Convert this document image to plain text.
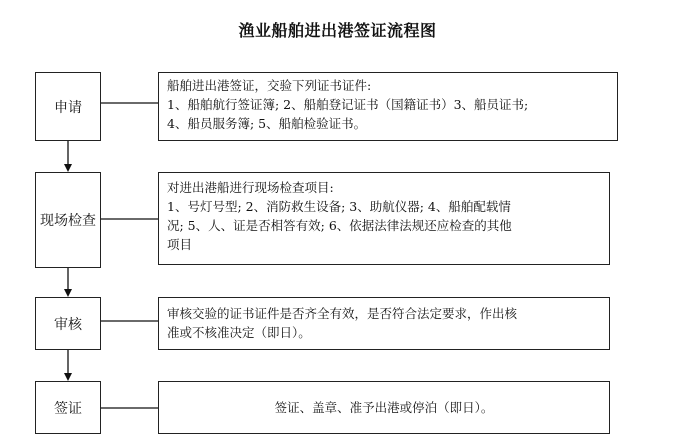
渔业船舶进出港签证流程图
申请

船舶进出港签证，交验下列证书证件:

1、船舶航行签证簿; 2、船舶登记证书（国籍证书）3、船员证书;

4、船员服务簿; 5、船舶检验证书。

现场检查

对进出港船进行现场检查项目:

1、号灯号型; 2、消防救生设备; 3、助航仪器; 4、船舶配载情

况; 5、人、证是否相答有效; 6、依据法律法规还应检查的其他

项目

审核

审核交验的证书证件是否齐全有效，是否符合法定要求，作出核

准或不核准决定（即日）。

签证	签证、盖章、准予出港或停泊（即日）。
